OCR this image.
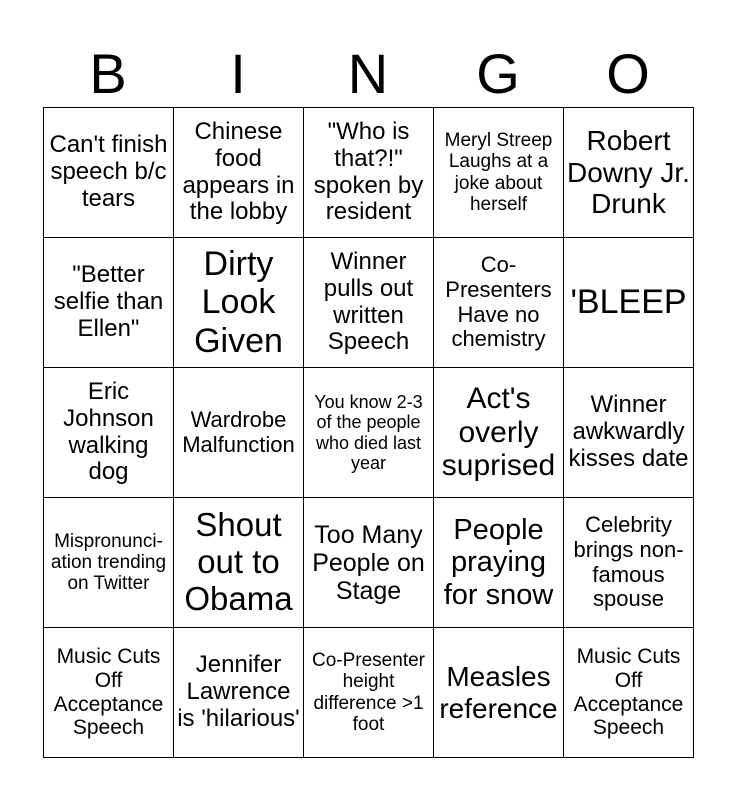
B	I	N	G	O
Can't finish speech b/c tears	Chinese food appears in the lobby	"Who is that?!" spoken by resident	Meryl Streep Laughs at a joke about herself	Robert Downy Jr. Drunk
"Better selfie than Ellen"	Dirty Look Given	Winner pulls out written Speech	Co-Presenters Have no chemistry	'BLEEP
Eric Johnson walking dog	Wardrobe Malfunction	You know 2-3 of the people who died last year	Act's overly suprised	Winner awkwardly kisses date
Mispronunci-ation trending on Twitter	Shout out to Obama	Too Many People on Stage	People praying for snow	Celebrity brings non-famous spouse
Music Cuts Off Acceptance Speech	Jennifer Lawrence is 'hilarious'	Co-Presenter height difference >1 foot	Measles reference	Music Cuts Off Acceptance Speech
